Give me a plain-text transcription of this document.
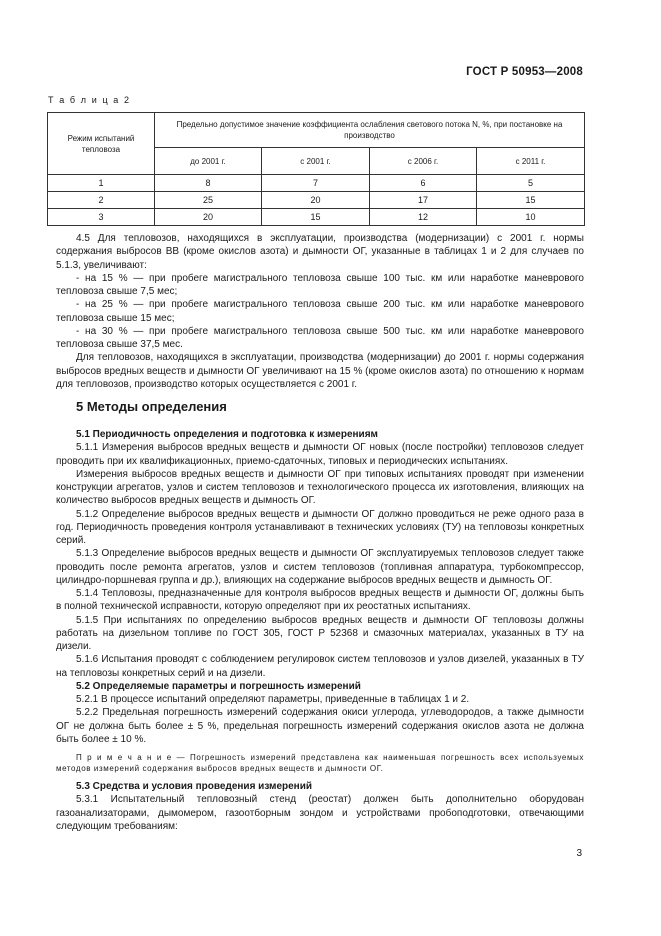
ГОСТ Р 50953—2008
Т а б л и ц а 2
Режим испытаний тепловоза	Предельно допустимое значение коэффициента ослабления светового потока N, %, при постановке на производство			
	до 2001 г.	с 2001 г.	с 2006 г.	с 2011 г.
1	8	7	6	5
2	25	20	17	15
3	20	15	12	10

4.5 Для тепловозов, находящихся в эксплуатации, производства (модернизации) с 2001 г. нормы содержания выбросов ВВ (кроме окислов азота) и дымности ОГ, указанные в таблицах 1 и 2 для случаев по 5.1.3, увеличивают:

- на 15 % — при пробеге магистрального тепловоза свыше 100 тыс. км или наработке маневрового тепловоза свыше 7,5 мес;

- на 25 % — при пробеге магистрального тепловоза свыше 200 тыс. км или наработке маневрового тепловоза свыше 15 мес;

- на 30 % — при пробеге магистрального тепловоза свыше 500 тыс. км или наработке маневрового тепловоза свыше 37,5 мес.

Для тепловозов, находящихся в эксплуатации, производства (модернизации) до 2001 г. нормы содержания выбросов вредных веществ и дымности ОГ увеличивают на 15 % (кроме окислов азота) по отношению к нормам для тепловозов, производство которых осуществляется с 2001 г.

5 Методы определения

5.1 Периодичность определения и подготовка к измерениям

5.1.1 Измерения выбросов вредных веществ и дымности ОГ новых (после постройки) тепловозов следует проводить при их квалификационных, приемо-сдаточных, типовых и периодических испытаниях.

Измерения выбросов вредных веществ и дымности ОГ при типовых испытаниях проводят при изменении конструкции агрегатов, узлов и систем тепловозов и технологического процесса их изготовления, влияющих на количество выбросов вредных веществ и дымность ОГ.

5.1.2 Определение выбросов вредных веществ и дымности ОГ должно проводиться не реже одного раза в год. Периодичность проведения контроля устанавливают в технических условиях (ТУ) на тепловозы конкретных серий.

5.1.3 Определение выбросов вредных веществ и дымности ОГ эксплуатируемых тепловозов следует также проводить после ремонта агрегатов, узлов и систем тепловозов (топливная аппаратура, турбокомпрессор, цилиндро-поршневая группа и др.), влияющих на содержание выбросов вредных веществ и дымность ОГ.

5.1.4 Тепловозы, предназначенные для контроля выбросов вредных веществ и дымности ОГ, должны быть в полной технической исправности, которую определяют при их реостатных испытаниях.

5.1.5 При испытаниях по определению выбросов вредных веществ и дымности ОГ тепловозы должны работать на дизельном топливе по ГОСТ 305, ГОСТ Р 52368 и смазочных материалах, указанных в ТУ на дизели.

5.1.6 Испытания проводят с соблюдением регулировок систем тепловозов и узлов дизелей, указанных в ТУ на тепловозы конкретных серий и на дизели.

5.2 Определяемые параметры и погрешность измерений

5.2.1 В процессе испытаний определяют параметры, приведенные в таблицах 1 и 2.

5.2.2 Предельная погрешность измерений содержания окиси углерода, углеводородов, а также дымности ОГ не должна быть более ± 5 %, предельная погрешность измерений содержания окислов азота не должна быть более ± 10 %.

П р и м е ч а н и е — Погрешность измерений представлена как наименьшая погрешность всех используемых методов измерений содержания выбросов вредных веществ и дымности ОГ.

5.3 Средства и условия проведения измерений

5.3.1 Испытательный тепловозный стенд (реостат) должен быть дополнительно оборудован газоанализаторами, дымомером, газоотборным зондом и устройствами пробоподготовки, отвечающими следующим требованиям:

3
